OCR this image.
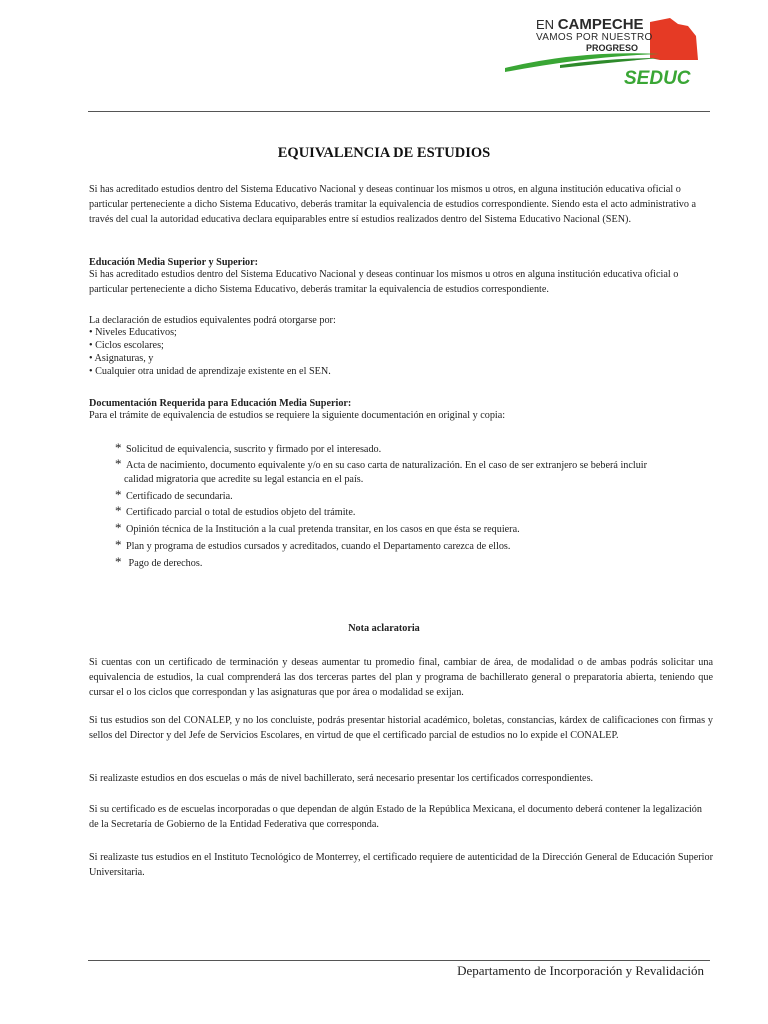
EN CAMPECHE
VAMOS POR NUESTRO
PROGRESO
SEDUC
EQUIVALENCIA DE ESTUDIOS

Si has acreditado estudios dentro del Sistema Educativo Nacional y deseas continuar los mismos u otros, en alguna institución educativa oficial o particular perteneciente a dicho Sistema Educativo, deberás tramitar la equivalencia de estudios correspondiente. Siendo esta el acto administrativo a través del cual la autoridad educativa declara equiparables entre sí estudios realizados dentro del Sistema Educativo Nacional (SEN).

Educación Media Superior y Superior:

Si has acreditado estudios dentro del Sistema Educativo Nacional y deseas continuar los mismos u otros en alguna institución educativa oficial o particular perteneciente a dicho Sistema Educativo, deberás tramitar la equivalencia de estudios correspondiente.

La declaración de estudios equivalentes podrá otorgarse por:

• Niveles Educativos;
• Ciclos escolares;
• Asignaturas, y
• Cualquier otra unidad de aprendizaje existente en el SEN.

Documentación Requerida para Educación Media Superior:

Para el trámite de equivalencia de estudios se requiere la siguiente documentación en original y copia:

* Solicitud de equivalencia, suscrito y firmado por el interesado.
* Acta de nacimiento, documento equivalente y/o en su caso carta de naturalización. En el caso de ser extranjero se beberá incluir
calidad migratoria que acredite su legal estancia en el país.
* Certificado de secundaria.
* Certificado parcial o total de estudios objeto del trámite.
* Opinión técnica de la Institución a la cual pretenda transitar, en los casos en que ésta se requiera.
* Plan y programa de estudios cursados y acreditados, cuando el Departamento carezca de ellos.
* Pago de derechos.
Nota aclaratoria

Si cuentas con un certificado de terminación y deseas aumentar tu promedio final, cambiar de área, de modalidad o de ambas podrás solicitar una equivalencia de estudios, la cual comprenderá las dos terceras partes del plan y programa de bachillerato general o preparatoria abierta, teniendo que cursar el o los ciclos que correspondan y las asignaturas que por área o modalidad se exijan.

Si tus estudios son del CONALEP, y no los concluiste, podrás presentar historial académico, boletas, constancias, kárdex de calificaciones con firmas y sellos del Director y del Jefe de Servicios Escolares, en virtud de que el certificado parcial de estudios no lo expide el CONALEP.

Si realizaste estudios en dos escuelas o más de nivel bachillerato, será necesario presentar los certificados correspondientes.

Si su certificado es de escuelas incorporadas o que dependan de algún Estado de la República Mexicana, el documento deberá contener la legalización de la Secretaría de Gobierno de la Entidad Federativa que corresponda.

Si realizaste tus estudios en el Instituto Tecnológico de Monterrey, el certificado requiere de autenticidad de la Dirección General de Educación Superior Universitaria.

Departamento de Incorporación y Revalidación
